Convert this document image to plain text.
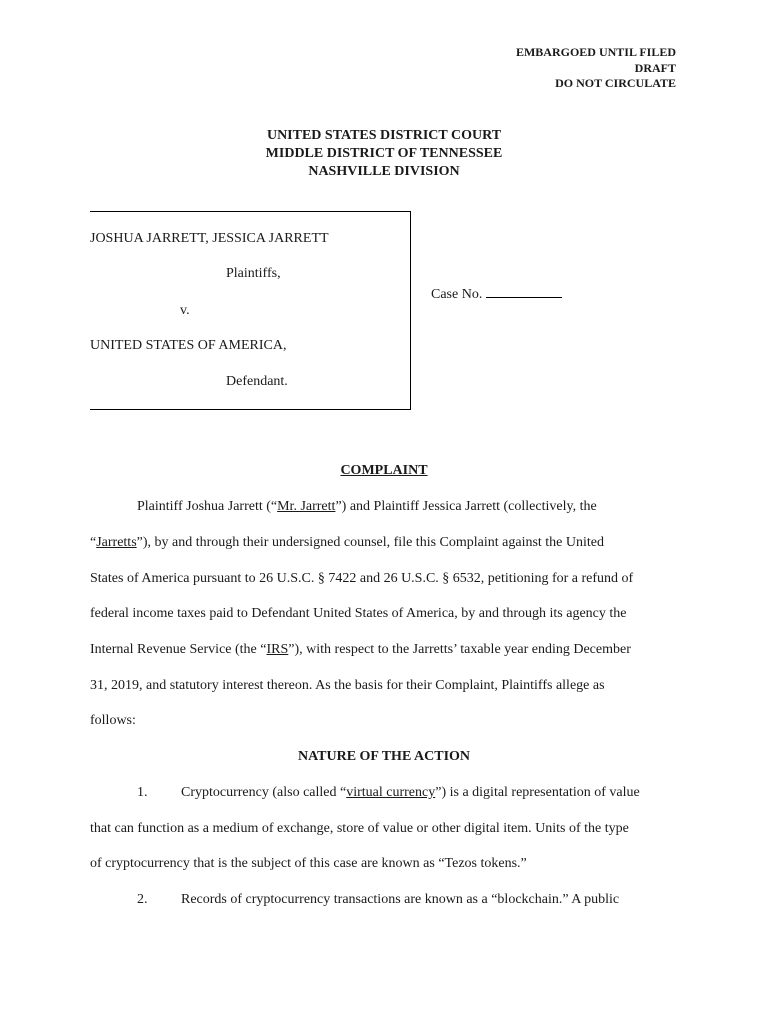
EMBARGOED UNTIL FILED
DRAFT
DO NOT CIRCULATE
UNITED STATES DISTRICT COURT
MIDDLE DISTRICT OF TENNESSEE
NASHVILLE DIVISION
JOSHUA JARRETT, JESSICA JARRETT
Plaintiffs,
v.
UNITED STATES OF AMERICA,
Defendant.
Case No.
COMPLAINT
Plaintiff Joshua Jarrett (“Mr. Jarrett”) and Plaintiff Jessica Jarrett (collectively, the
“Jarretts”), by and through their undersigned counsel, file this Complaint against the United
States of America pursuant to 26 U.S.C. § 7422 and 26 U.S.C. § 6532, petitioning for a refund of
federal income taxes paid to Defendant United States of America, by and through its agency the
Internal Revenue Service (the “IRS”), with respect to the Jarretts’ taxable year ending December
31, 2019, and statutory interest thereon. As the basis for their Complaint, Plaintiffs allege as
follows:
NATURE OF THE ACTION
1. Cryptocurrency (also called “virtual currency”) is a digital representation of value
that can function as a medium of exchange, store of value or other digital item. Units of the type
of cryptocurrency that is the subject of this case are known as “Tezos tokens.”
2. Records of cryptocurrency transactions are known as a “blockchain.” A public
